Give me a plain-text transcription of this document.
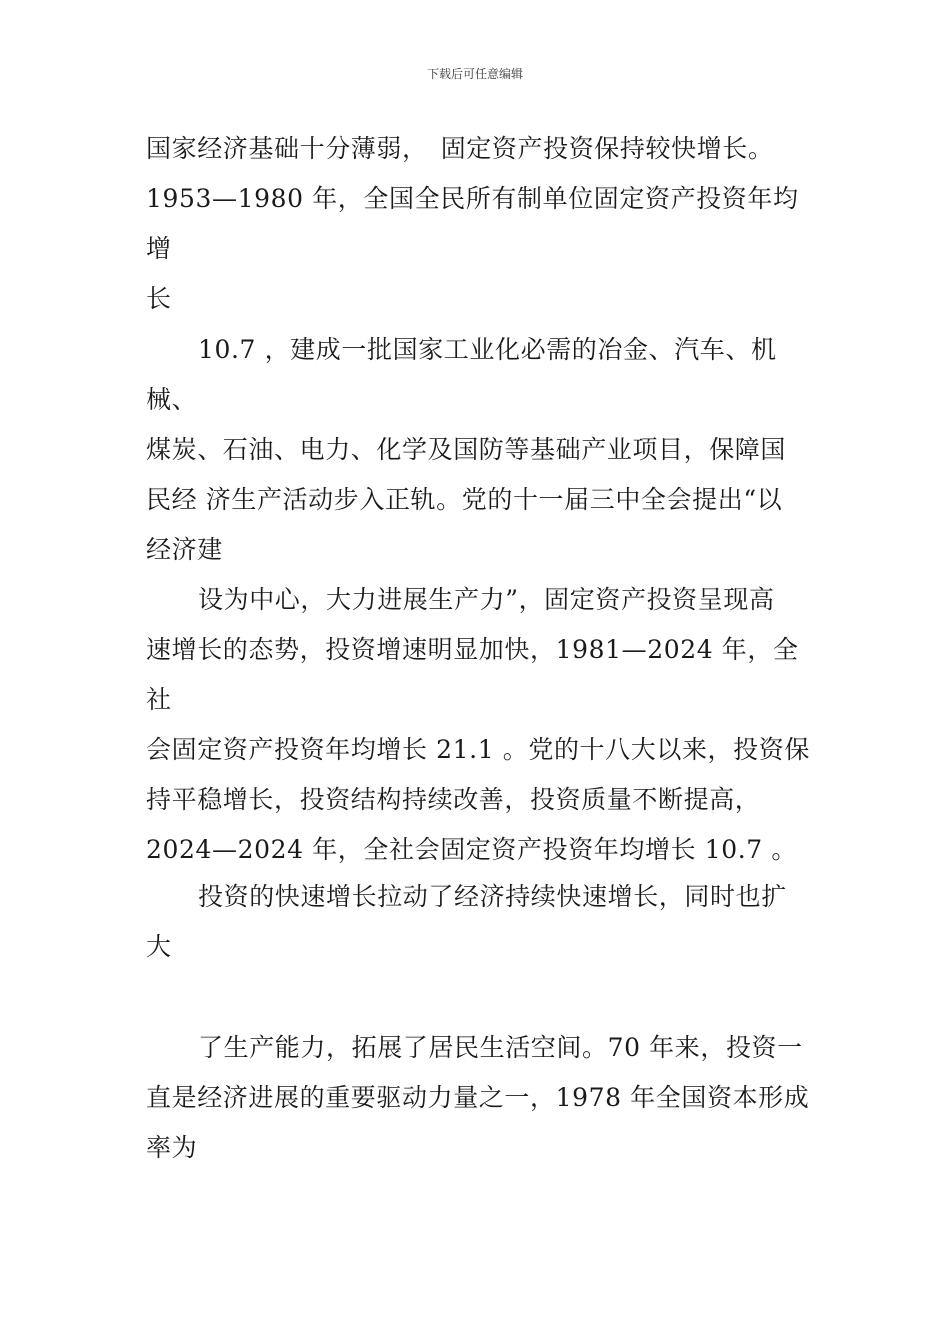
下载后可任意编辑
国家经济基础十分薄弱，　固定资产投资保持较快增长。
1953—1980 年，全国全民所有制单位固定资产投资年均增
长
10.7 ，建成一批国家工业化必需的冶金、汽车、机械、
煤炭、石油、电力、化学及国防等基础产业项目，保障国
民经 济生产活动步入正轨。党的十一届三中全会提出“以
经济建
设为中心，大力进展生产力”，固定资产投资呈现高
速增长的态势，投资增速明显加快，1981—2024 年，全社
会固定资产投资年均增长 21.1 。党的十八大以来，投资保
持平稳增长，投资结构持续改善，投资质量不断提高，
2024—2024 年，全社会固定资产投资年均增长 10.7 。
投资的快速增长拉动了经济持续快速增长，同时也扩
大
了生产能力，拓展了居民生活空间。70 年来，投资一
直是经济进展的重要驱动力量之一，1978 年全国资本形成
率为
